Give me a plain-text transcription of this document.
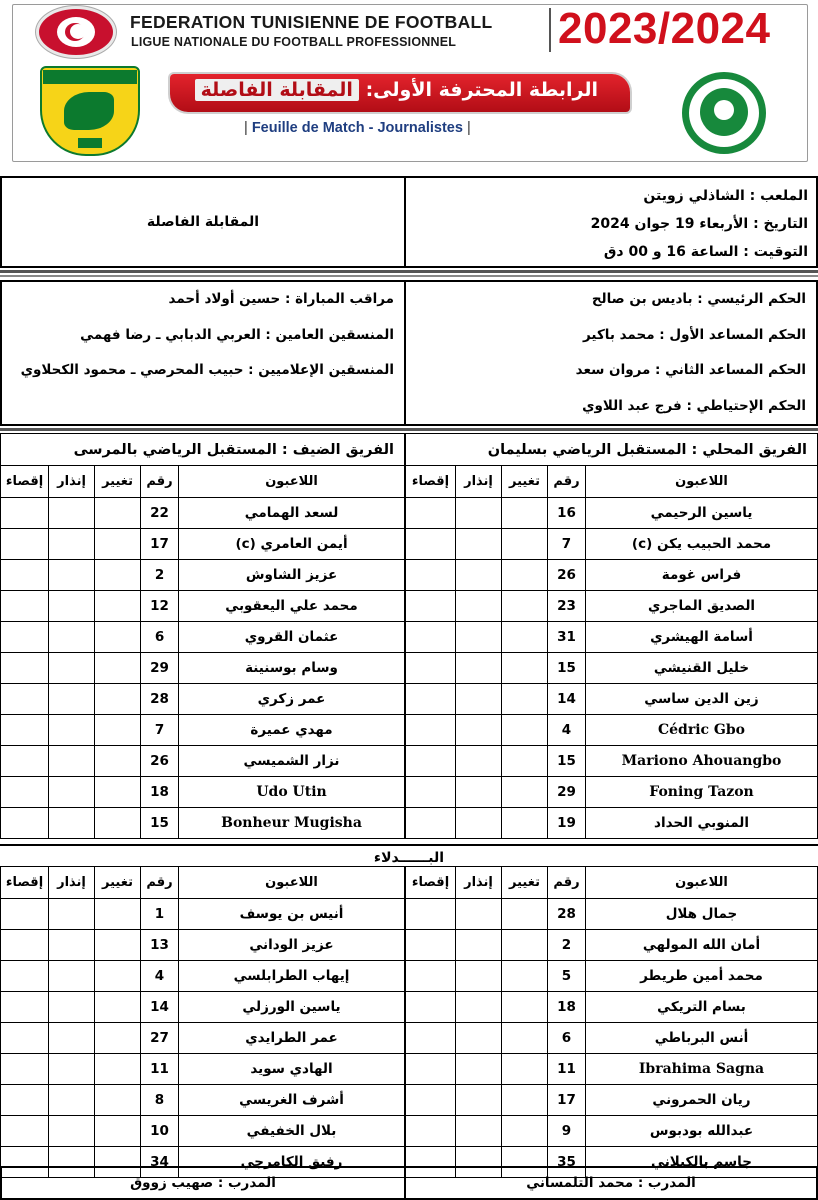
FEDERATION TUNISIENNE DE FOOTBALL
LIGUE NATIONALE DU FOOTBALL PROFESSIONNEL 2023/2024
الرابطة المحترفة الأولى: المقابلة الفاصلة
| Feuille de Match - Journalistes |
الملعب : الشاذلي زويتن
التاريخ : الأربعاء 19 جوان 2024
التوقيت : الساعة 16 و 00 دق
المقابلة الفاصلة
الحكم الرئيسي : باديس بن صالح
الحكم المساعد الأول : محمد باكير
الحكم المساعد الثاني : مروان سعد
الحكم الإحتياطي : فرج عبد اللاوي
مراقب المباراة : حسين أولاد أحمد
المنسقين العامين : العربي الدبابي ـ رضا فهمي
المنسقين الإعلاميين : حبيب المحرصي ـ محمود الكحلاوي
الفريق المحلي : المستقبل الرياضي بسليمان				
اللاعبون	رقم	تغيير	إنذار	إقصاء
ياسين الرحيمي	16			
محمد الحبيب يكن (c)	7			
فراس غومة	26			
الصديق الماجري	23			
أسامة الهيشري	31			
خليل القنيشي	15			
زين الدين ساسي	14			
Cédric Gbo	4			
Mariono Ahouangbo	15			
Foning Tazon	29			
المنوبي الحداد	19			
الفريق الضيف : المستقبل الرياضي بالمرسى				
اللاعبون	رقم	تغيير	إنذار	إقصاء
لسعد الهمامي	22			
أيمن العامري (c)	17			
عزيز الشاوش	2			
محمد علي اليعقوبي	12			
عثمان القروي	6			
وسام بوسنينة	29			
عمر زكري	28			
مهدي عميرة	7			
نزار الشميسي	26			
Udo Utin	18			
Bonheur Mugisha	15			
البــــــدلاء
اللاعبون	رقم	تغيير	إنذار	إقصاء
جمال هلال	28			
أمان الله المولهي	2			
محمد أمين طريطر	5			
بسام التريكي	18			
أنس البرباطي	6			
Ibrahima Sagna	11			
ريان الحمروني	17			
عبدالله بودبوس	9			
جاسم بالكيلاني	35			
اللاعبون	رقم	تغيير	إنذار	إقصاء
أنيس بن يوسف	1			
عزيز الوداني	13			
إيهاب الطرابلسي	4			
ياسين الورزلي	14			
عمر الطرايدي	27			
الهادي سويد	11			
أشرف الغريسي	8			
بلال الخفيفي	10			
رفيق الكامرجي	34			
المدرب : محمد التلمساني
المدرب : صهيب زووق
